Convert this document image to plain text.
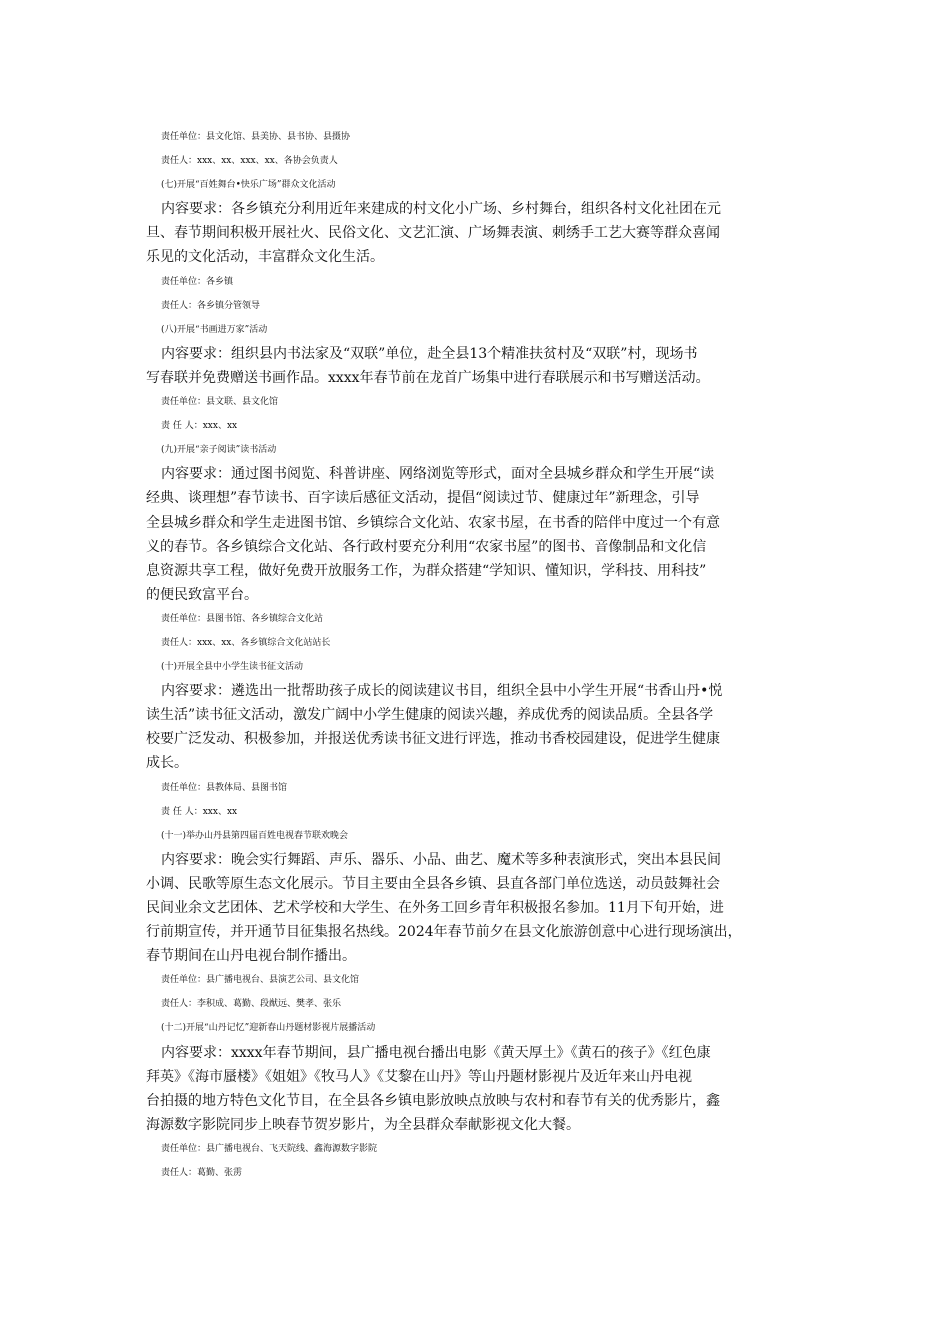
责任单位：县文化馆、县美协、县书协、县摄协
责任人：xxx、xx、xxx、xx、各协会负责人
(七)开展“百姓舞台•快乐广场”群众文化活动
内容要求：各乡镇充分利用近年来建成的村文化小广场、乡村舞台，组织各村文化社团在元
旦、春节期间积极开展社火、民俗文化、文艺汇演、广场舞表演、刺绣手工艺大赛等群众喜闻
乐见的文化活动，丰富群众文化生活。
责任单位：各乡镇
责任人：各乡镇分管领导
(八)开展“书画进万家”活动
内容要求：组织县内书法家及“双联”单位，赴全县13个精准扶贫村及“双联”村，现场书
写春联并免费赠送书画作品。xxxx年春节前在龙首广场集中进行春联展示和书写赠送活动。
责任单位：县文联、县文化馆
责 任 人：xxx、xx
(九)开展“亲子阅读”读书活动
内容要求：通过图书阅览、科普讲座、网络浏览等形式，面对全县城乡群众和学生开展“读
经典、谈理想”春节读书、百字读后感征文活动，提倡“阅读过节、健康过年”新理念，引导
全县城乡群众和学生走进图书馆、乡镇综合文化站、农家书屋，在书香的陪伴中度过一个有意
义的春节。各乡镇综合文化站、各行政村要充分利用“农家书屋”的图书、音像制品和文化信
息资源共享工程，做好免费开放服务工作，为群众搭建“学知识、懂知识，学科技、用科技”
的便民致富平台。
责任单位：县图书馆、各乡镇综合文化站
责任人：xxx、xx、各乡镇综合文化站站长
(十)开展全县中小学生读书征文活动
内容要求：遴选出一批帮助孩子成长的阅读建议书目，组织全县中小学生开展“书香山丹•悦
读生活”读书征文活动，激发广阔中小学生健康的阅读兴趣，养成优秀的阅读品质。全县各学
校要广泛发动、积极参加，并报送优秀读书征文进行评选，推动书香校园建设，促进学生健康
成长。
责任单位：县教体局、县图书馆
责 任 人：xxx、xx
(十一)举办山丹县第四届百姓电视春节联欢晚会
内容要求：晚会实行舞蹈、声乐、器乐、小品、曲艺、魔术等多种表演形式，突出本县民间
小调、民歌等原生态文化展示。节目主要由全县各乡镇、县直各部门单位选送，动员鼓舞社会
民间业余文艺团体、艺术学校和大学生、在外务工回乡青年积极报名参加。11月下旬开始，进
行前期宣传，并开通节目征集报名热线。2024年春节前夕在县文化旅游创意中心进行现场演出，
春节期间在山丹电视台制作播出。
责任单位：县广播电视台、县演艺公司、县文化馆
责任人：李积成、葛勤、段猷远、樊孝、张乐
(十二)开展“山丹记忆”迎新春山丹题材影视片展播活动
内容要求：xxxx年春节期间，县广播电视台播出电影《黄天厚土》《黄石的孩子》《红色康
拜英》《海市蜃楼》《姐姐》《牧马人》《艾黎在山丹》等山丹题材影视片及近年来山丹电视
台拍摄的地方特色文化节目，在全县各乡镇电影放映点放映与农村和春节有关的优秀影片，鑫
海源数字影院同步上映春节贺岁影片，为全县群众奉献影视文化大餐。
责任单位：县广播电视台、飞天院线、鑫海源数字影院
责任人：葛勤、张雳
